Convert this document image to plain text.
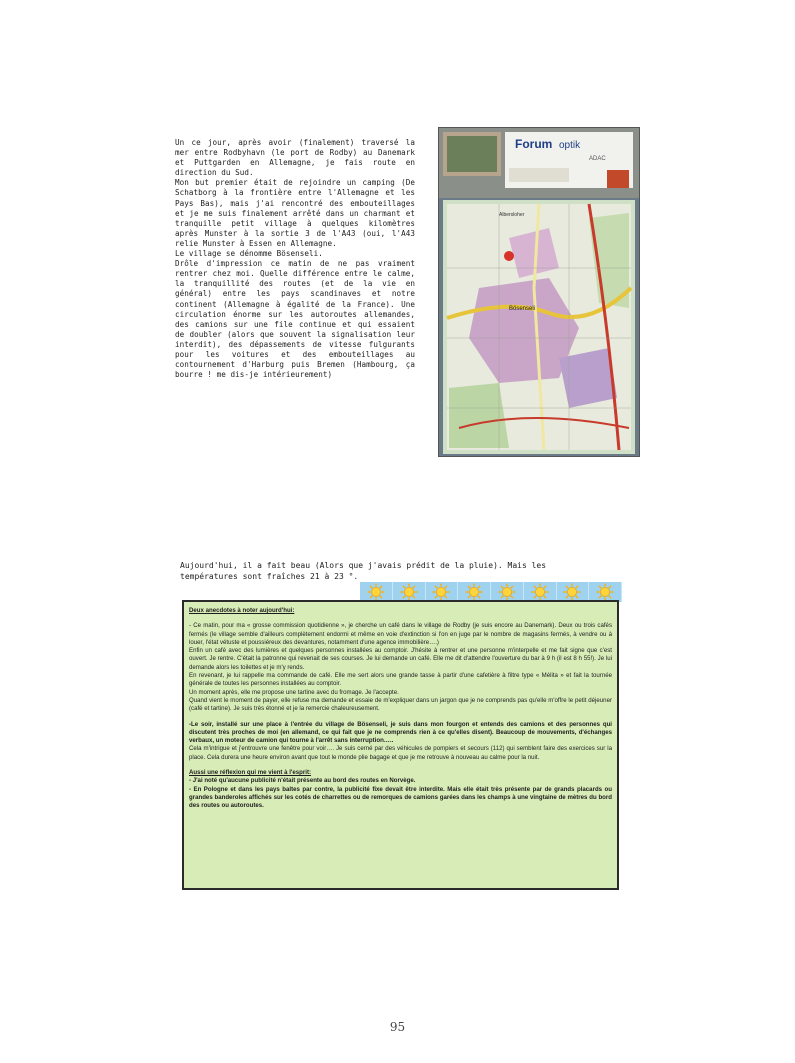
Un ce jour, après avoir (finalement) traversé la mer entre Rodbyhavn (le port de Rodby) au Danemark et Puttgarden en Allemagne, je fais route en direction du Sud.

Mon but premier était de rejoindre un camping (De Schatborg à la frontière entre l'Allemagne et les Pays Bas), mais j'ai rencontré des embouteillages et je me suis finalement arrêté dans un charmant et tranquille petit village à quelques kilomètres après Munster à la sortie 3 de l'A43 (oui, l'A43 relie Munster à Essen en Allemagne.

Le village se dénomme Bösenseli.

Drôle d'impression ce matin de ne pas vraiment rentrer chez moi. Quelle différence entre le calme, la tranquillité des routes (et de la vie en général) entre les pays scandinaves et notre continent (Allemagne à égalité de la France). Une circulation énorme sur les autoroutes allemandes, des camions sur une file continue et qui essaient de doubler (alors que souvent la signalisation leur interdit), des dépassements de vitesse fulgurants pour les voitures et des embouteillages au contournement d'Harburg puis Bremen (Hambourg, ça bourre ! me dis-je intérieurement)

Forum optik
ADAC
Bösenseli
Albersloher

Aujourd'hui, il a fait beau (Alors que j'avais prédit de la pluie). Mais les

températures sont fraîches 21 à 23 °.

Deux anecdotes à noter aujourd'hui:

- Ce matin, pour ma « grosse commission quotidienne », je cherche un café dans le village de Rodby (je suis encore au Danemark). Deux ou trois cafés fermés (le village semble d'ailleurs complètement endormi et même en voie d'extinction si l'on en juge par le nombre de magasins fermés, à vendre ou à louer, l'état vétuste et poussiéreux des devantures, notamment d'une agence immobilière….)

Enfin un café avec des lumières et quelques personnes installées au comptoir. J'hésite à rentrer et une personne m'interpelle et me fait signe que c'est ouvert. Je rentre. C'était la patronne qui revenait de ses courses. Je lui demande un café. Elle me dit d'attendre l'ouverture du bar à 9 h (il est 8 h 55!). Je lui demande alors les toilettes et je m'y rends.

En revenant, je lui rappelle ma commande de café. Elle me sert alors une grande tasse à partir d'une cafetière à filtre type « Mélita » et fait la tournée générale de toutes les personnes installées au comptoir.

Un moment après, elle me propose une tartine avec du fromage. Je l'accepte.

Quand vient le moment de payer, elle refuse ma demande et essaie de m'expliquer dans un jargon que je ne comprends pas qu'elle m'offre le petit déjeuner (café et tartine). Je suis très étonné et je la remercie chaleureusement.

-Le soir, installé sur une place à l'entrée du village de Bösenseli, je suis dans mon fourgon et entends des camions et des personnes qui discutent très proches de moi (en allemand, ce qui fait que je ne comprends rien à ce qu'elles disent). Beaucoup de mouvements, d'échanges verbaux, un moteur de camion qui tourne à l'arrêt sans interruption…..

Cela m'intrigue et j'entrouvre une fenêtre pour voir…. Je suis cerné par des véhicules de pompiers et secours (112) qui semblent faire des exercices sur la place. Cela durera une heure environ avant que tout le monde plie bagage et que je me retrouve à nouveau au calme pour la nuit.

Aussi une réflexion qui me vient à l'esprit:

- J'ai noté qu'aucune publicité n'était présente au bord des routes en Norvège.

- En Pologne et dans les pays baltes par contre, la publicité fixe devait être interdite. Mais elle était très présente par de grands placards ou grandes banderoles affichés sur les cotés de charrettes ou de remorques de camions garées dans les champs à une vingtaine de mètres du bord des routes ou autoroutes.

95
